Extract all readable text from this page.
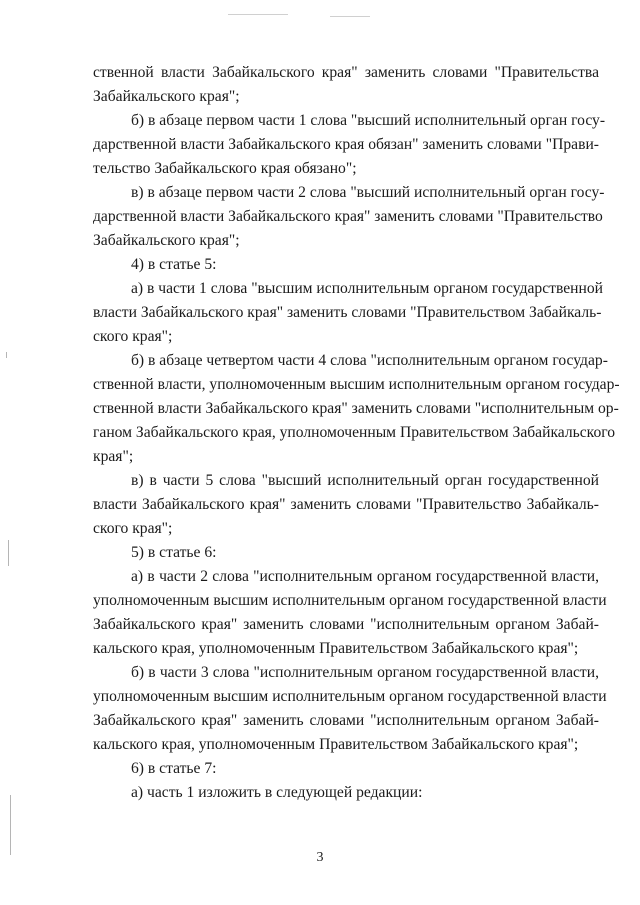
ственной власти Забайкальского края" заменить словами "Правительства
Забайкальского края";
б) в абзаце первом части 1 слова "высший исполнительный орган госу-
дарственной власти Забайкальского края обязан" заменить словами "Прави-
тельство Забайкальского края обязано";
в) в абзаце первом части 2 слова "высший исполнительный орган госу-
дарственной власти Забайкальского края" заменить словами "Правительство
Забайкальского края";
4) в статье 5:
а) в части 1 слова "высшим исполнительным органом государственной
власти Забайкальского края" заменить словами "Правительством Забайкаль-
ского края";
б) в абзаце четвертом части 4 слова "исполнительным органом государ-
ственной власти, уполномоченным высшим исполнительным органом государ-
ственной власти Забайкальского края" заменить словами "исполнительным ор-
ганом Забайкальского края, уполномоченным Правительством Забайкальского
края";
в) в части 5 слова "высший исполнительный орган государственной
власти Забайкальского края" заменить словами "Правительство Забайкаль-
ского края";
5) в статье 6:
а) в части 2 слова "исполнительным органом государственной власти,
уполномоченным высшим исполнительным органом государственной власти
Забайкальского края" заменить словами "исполнительным органом Забай-
кальского края, уполномоченным Правительством Забайкальского края";
б) в части 3 слова "исполнительным органом государственной власти,
уполномоченным высшим исполнительным органом государственной власти
Забайкальского края" заменить словами "исполнительным органом Забай-
кальского края, уполномоченным Правительством Забайкальского края";
6) в статье 7:
а) часть 1 изложить в следующей редакции:
3
